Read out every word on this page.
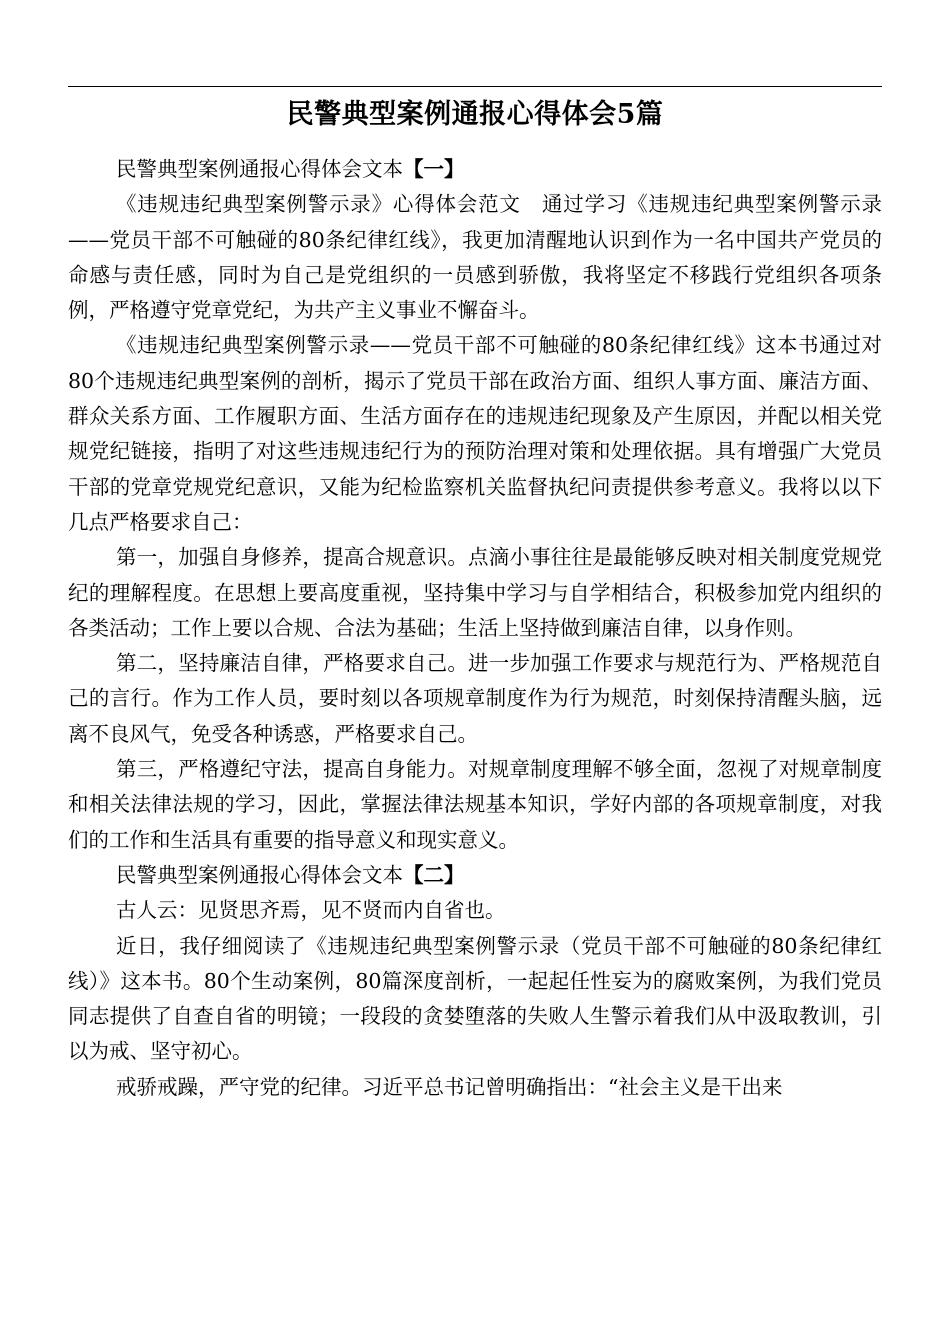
民警典型案例通报心得体会5篇

民警典型案例通报心得体会文本【一】

《违规违纪典型案例警示录》心得体会范文　通过学习《违规违纪典型案例警示录——党员干部不可触碰的80条纪律红线》，我更加清醒地认识到作为一名中国共产党员的命感与责任感，同时为自己是党组织的一员感到骄傲，我将坚定不移践行党组织各项条例，严格遵守党章党纪，为共产主义事业不懈奋斗。

《违规违纪典型案例警示录——党员干部不可触碰的80条纪律红线》这本书通过对80个违规违纪典型案例的剖析，揭示了党员干部在政治方面、组织人事方面、廉洁方面、群众关系方面、工作履职方面、生活方面存在的违规违纪现象及产生原因，并配以相关党规党纪链接，指明了对这些违规违纪行为的预防治理对策和处理依据。具有增强广大党员干部的党章党规党纪意识，又能为纪检监察机关监督执纪问责提供参考意义。我将以以下几点严格要求自己：

第一，加强自身修养，提高合规意识。点滴小事往往是最能够反映对相关制度党规党纪的理解程度。在思想上要高度重视，坚持集中学习与自学相结合，积极参加党内组织的各类活动；工作上要以合规、合法为基础；生活上坚持做到廉洁自律，以身作则。

第二，坚持廉洁自律，严格要求自己。进一步加强工作要求与规范行为、严格规范自己的言行。作为工作人员，要时刻以各项规章制度作为行为规范，时刻保持清醒头脑，远离不良风气，免受各种诱惑，严格要求自己。

第三，严格遵纪守法，提高自身能力。对规章制度理解不够全面，忽视了对规章制度和相关法律法规的学习，因此，掌握法律法规基本知识，学好内部的各项规章制度，对我们的工作和生活具有重要的指导意义和现实意义。

民警典型案例通报心得体会文本【二】

古人云：见贤思齐焉，见不贤而内自省也。

近日，我仔细阅读了《违规违纪典型案例警示录（党员干部不可触碰的80条纪律红线）》这本书。80个生动案例，80篇深度剖析，一起起任性妄为的腐败案例，为我们党员同志提供了自查自省的明镜；一段段的贪婪堕落的失败人生警示着我们从中汲取教训，引以为戒、坚守初心。

戒骄戒躁，严守党的纪律。习近平总书记曾明确指出：“社会主义是干出来
